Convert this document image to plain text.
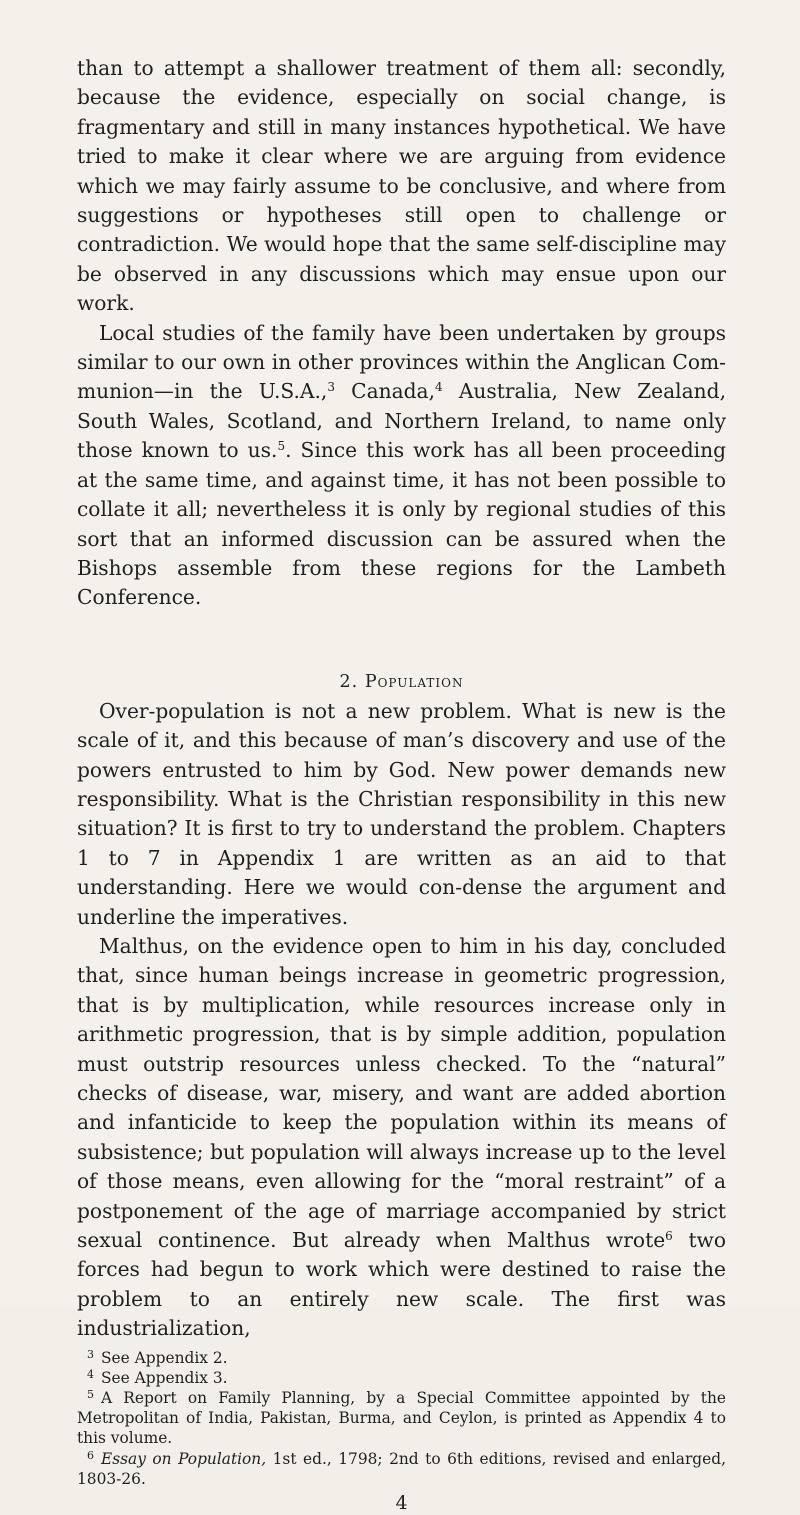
than to attempt a shallower treatment of them all: secondly, because the evidence, especially on social change, is fragmentary and still in many instances hypothetical. We have tried to make it clear where we are arguing from evidence which we may fairly assume to be conclusive, and where from suggestions or hypotheses still open to challenge or contradiction. We would hope that the same self-discipline may be observed in any discussions which may ensue upon our work.

Local studies of the family have been undertaken by groups similar to our own in other provinces within the Anglican Com-munion—in the U.S.A.,$^3$ Canada,$^4$ Australia, New Zealand, South Wales, Scotland, and Northern Ireland, to name only those known to us.$^5$. Since this work has all been proceeding at the same time, and against time, it has not been possible to collate it all; nevertheless it is only by regional studies of this sort that an informed discussion can be assured when the Bishops assemble from these regions for the Lambeth Conference.

2. Population

Over-population is not a new problem. What is new is the scale of it, and this because of man’s discovery and use of the powers entrusted to him by God. New power demands new responsibility. What is the Christian responsibility in this new situation? It is first to try to understand the problem. Chapters 1 to 7 in Appendix 1 are written as an aid to that understanding. Here we would con-dense the argument and underline the imperatives.

Malthus, on the evidence open to him in his day, concluded that, since human beings increase in geometric progression, that is by multiplication, while resources increase only in arithmetic progression, that is by simple addition, population must outstrip resources unless checked. To the “natural” checks of disease, war, misery, and want are added abortion and infanticide to keep the population within its means of subsistence; but population will always increase up to the level of those means, even allowing for the “moral restraint” of a postponement of the age of marriage accompanied by strict sexual continence. But already when Malthus wrote$^6$ two forces had begun to work which were destined to raise the problem to an entirely new scale. The first was industrialization,

$^3$ See Appendix 2.

$^4$ See Appendix 3.

$^5$ A Report on Family Planning, by a Special Committee appointed by the Metropolitan of India, Pakistan, Burma, and Ceylon, is printed as Appendix 4 to this volume.

$^6$ Essay on Population, 1st ed., 1798; 2nd to 6th editions, revised and enlarged, 1803-26.

4
